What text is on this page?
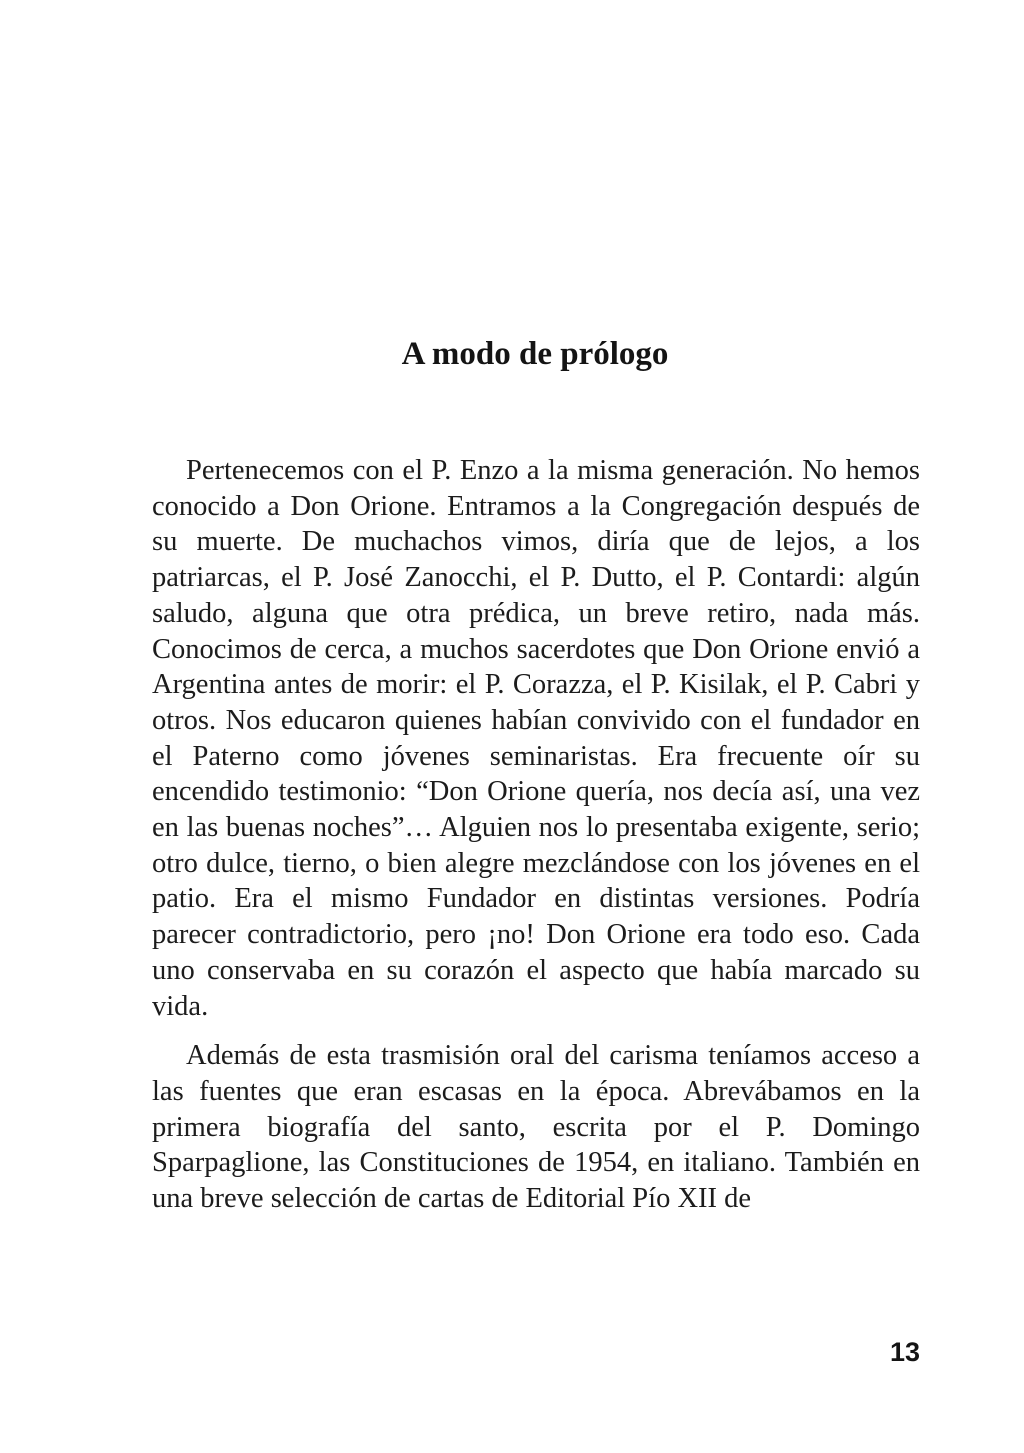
A modo de prólogo

Pertenecemos con el P. Enzo a la misma generación. No hemos conocido a Don Orione. Entramos a la Congregación después de su muerte. De muchachos vimos, diría que de lejos, a los patriarcas, el P. José Zanocchi, el P. Dutto, el P. Contardi: algún saludo, alguna que otra prédica, un breve retiro, nada más. Conocimos de cerca, a muchos sacerdotes que Don Orione envió a Argentina antes de morir: el P. Corazza, el P. Kisilak, el P. Cabri y otros. Nos educaron quienes habían convivido con el fundador en el Paterno como jóvenes seminaristas. Era frecuente oír su encendido testimonio: “Don Orione quería, nos decía así, una vez en las buenas noches”… Alguien nos lo presentaba exigente, serio; otro dulce, tierno, o bien alegre mezclándose con los jóvenes en el patio. Era el mismo Fundador en distintas versiones. Podría parecer contradictorio, pero ¡no! Don Orione era todo eso. Cada uno conservaba en su corazón el aspecto que había marcado su vida.

Además de esta trasmisión oral del carisma teníamos acceso a las fuentes que eran escasas en la época. Abrevábamos en la primera biografía del santo, escrita por el P. Domingo Sparpaglione, las Constituciones de 1954, en italiano. También en una breve selección de cartas de Editorial Pío XII de

13
